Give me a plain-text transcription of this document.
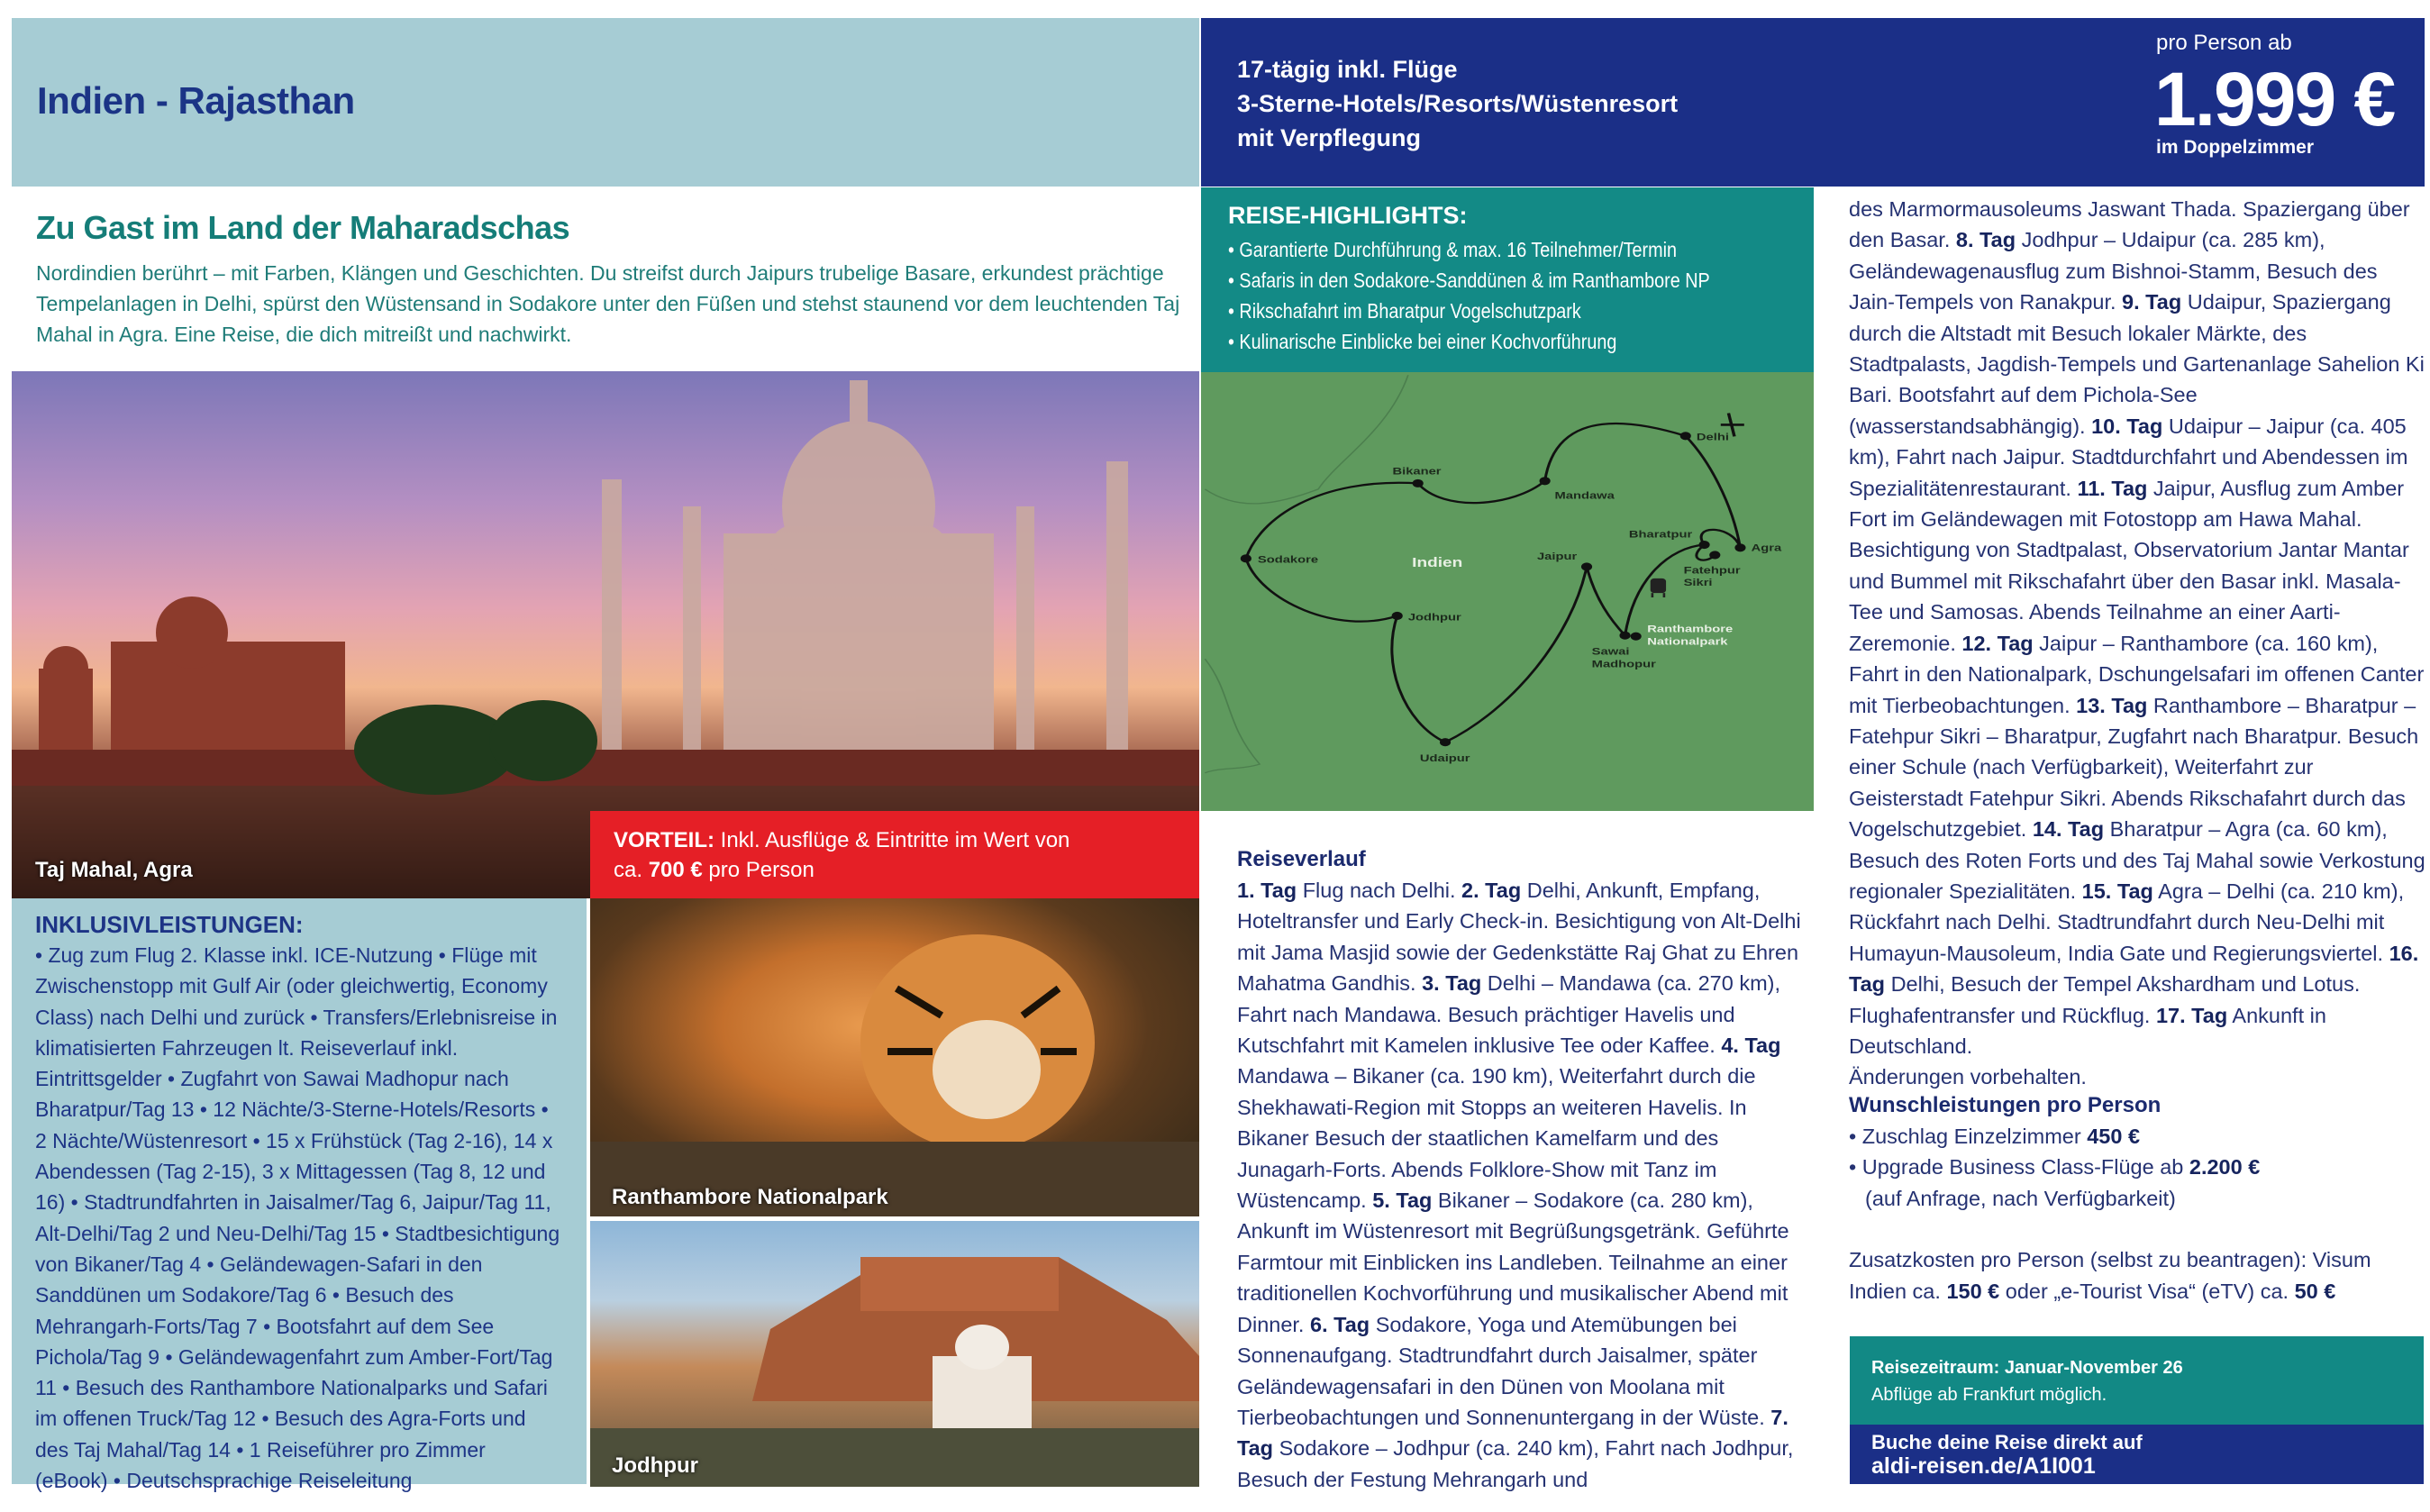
Indien - Rajasthan
17-tägig inkl. Flüge
3-Sterne-Hotels/Resorts/Wüstenresort
mit Verpflegung
pro Person ab
1.999 €
im Doppelzimmer
Zu Gast im Land der Maharadschas

Nordindien berührt – mit Farben, Klängen und Geschichten. Du streifst durch Jaipurs trubelige Basare, erkundest prächtige Tempelanlagen in Delhi, spürst den Wüstensand in Sodakore unter den Füßen und stehst staunend vor dem leuchtenden Taj Mahal in Agra. Eine Reise, die dich mitreißt und nachwirkt.

Taj Mahal, Agra
VORTEIL: Inkl. Ausflüge & Eintritte im Wert von
ca. 700 € pro Person
INKLUSIVLEISTUNGEN:

• Zug zum Flug 2. Klasse inkl. ICE-Nutzung • Flüge mit Zwischenstopp mit Gulf Air (oder gleichwertig, Economy Class) nach Delhi und zurück • Transfers/Erlebnisreise in klimatisierten Fahrzeugen lt. Reiseverlauf inkl. Eintrittsgelder • Zugfahrt von Sawai Madhopur nach Bharatpur/Tag 13 • 12 Nächte/3-Sterne-Hotels/Resorts • 2 Nächte/Wüstenresort • 15 x Frühstück (Tag 2-16), 14 x Abendessen (Tag 2-15), 3 x Mittagessen (Tag 8, 12 und 16) • Stadtrundfahrten in Jaisalmer/Tag 6, Jaipur/Tag 11, Alt-Delhi/Tag 2 und Neu-Delhi/Tag 15 • Stadtbesichtigung von Bikaner/Tag 4 • Geländewagen-Safari in den Sanddünen um Sodakore/Tag 6 • Besuch des Mehrangarh-Forts/Tag 7 • Bootsfahrt auf dem See Pichola/Tag 9 • Geländewagenfahrt zum Amber-Fort/Tag 11 • Besuch des Ranthambore Nationalparks und Safari im offenen Truck/Tag 12 • Besuch des Agra-Forts und des Taj Mahal/Tag 14 • 1 Reiseführer pro Zimmer (eBook) • Deutschsprachige Reiseleitung

Ranthambore Nationalpark
Jodhpur
REISE-HIGHLIGHTS:
• Garantierte Durchführung & max. 16 Teilnehmer/Termin
• Safaris in den Sodakore-Sanddünen & im Ranthambore NP
• Rikschafahrt im Bharatpur Vogelschutzpark
• Kulinarische Einblicke bei einer Kochvorführung
Delhi
Bikaner
Mandawa
Sodakore
Jodhpur
Udaipur
Jaipur
Bharatpur
Agra
Fatehpur
Sikri
Sawai
Madhopur
Indien
Ranthambore
Nationalpark
Reiseverlauf

1. Tag Flug nach Delhi. 2. Tag Delhi, Ankunft, Empfang, Hoteltransfer und Early Check-in. Besichtigung von Alt-Delhi mit Jama Masjid sowie der Gedenkstätte Raj Ghat zu Ehren Mahatma Gandhis. 3. Tag Delhi – Mandawa (ca. 270 km), Fahrt nach Mandawa. Besuch prächtiger Havelis und Kutschfahrt mit Kamelen inklusive Tee oder Kaffee. 4. Tag Mandawa – Bikaner (ca. 190 km), Weiterfahrt durch die Shekhawati-Region mit Stopps an weiteren Havelis. In Bikaner Besuch der staatlichen Kamelfarm und des Junagarh-Forts. Abends Folklore-Show mit Tanz im Wüstencamp. 5. Tag Bikaner – Sodakore (ca. 280 km), Ankunft im Wüstenresort mit Begrüßungsgetränk. Geführte Farmtour mit Einblicken ins Landleben. Teilnahme an einer traditionellen Kochvorführung und musikalischer Abend mit Dinner. 6. Tag Sodakore, Yoga und Atemübungen bei Sonnenaufgang. Stadtrundfahrt durch Jaisalmer, später Geländewagensafari in den Dünen von Moolana mit Tierbeobachtungen und Sonnenuntergang in der Wüste. 7. Tag Sodakore – Jodhpur (ca. 240 km), Fahrt nach Jodhpur, Besuch der Festung Mehrangarh und

des Marmormausoleums Jaswant Thada. Spaziergang über den Basar. 8. Tag Jodhpur – Udaipur (ca. 285 km), Geländewagenausflug zum Bishnoi-Stamm, Besuch des Jain-Tempels von Ranakpur. 9. Tag Udaipur, Spaziergang durch die Altstadt mit Besuch lokaler Märkte, des Stadtpalasts, Jagdish-Tempels und Gartenanlage Sahelion Ki Bari. Bootsfahrt auf dem Pichola-See (wasserstandsabhängig). 10. Tag Udaipur – Jaipur (ca. 405 km), Fahrt nach Jaipur. Stadtdurchfahrt und Abendessen im Spezialitätenrestaurant. 11. Tag Jaipur, Ausflug zum Amber Fort im Geländewagen mit Fotostopp am Hawa Mahal. Besichtigung von Stadtpalast, Observatorium Jantar Mantar und Bummel mit Rikschafahrt über den Basar inkl. Masala-Tee und Samosas. Abends Teilnahme an einer Aarti-Zeremonie. 12. Tag Jaipur – Ranthambore (ca. 160 km), Fahrt in den Nationalpark, Dschungelsafari im offenen Canter mit Tierbeobachtungen. 13. Tag Ranthambore – Bharatpur – Fatehpur Sikri – Bharatpur, Zugfahrt nach Bharatpur. Besuch einer Schule (nach Verfügbarkeit), Weiterfahrt zur Geisterstadt Fatehpur Sikri. Abends Rikschafahrt durch das Vogelschutzgebiet. 14. Tag Bharatpur – Agra (ca. 60 km), Besuch des Roten Forts und des Taj Mahal sowie Verkostung regionaler Spezialitäten. 15. Tag Agra – Delhi (ca. 210 km), Rückfahrt nach Delhi. Stadtrundfahrt durch Neu-Delhi mit Humayun-Mausoleum, India Gate und Regierungsviertel. 16. Tag Delhi, Besuch der Tempel Akshardham und Lotus. Flughafentransfer und Rückflug. 17. Tag Ankunft in Deutschland.

Änderungen vorbehalten.

Wunschleistungen pro Person
• Zuschlag Einzelzimmer 450 €
• Upgrade Business Class-Flüge ab 2.200 €
(auf Anfrage, nach Verfügbarkeit)
Zusatzkosten pro Person (selbst zu beantragen): Visum Indien ca. 150 € oder „e-Tourist Visa“ (eTV) ca. 50 €
Reisezeitraum: Januar-November 26
Abflüge ab Frankfurt möglich.
Buche deine Reise direkt auf
aldi-reisen.de/A1I001
